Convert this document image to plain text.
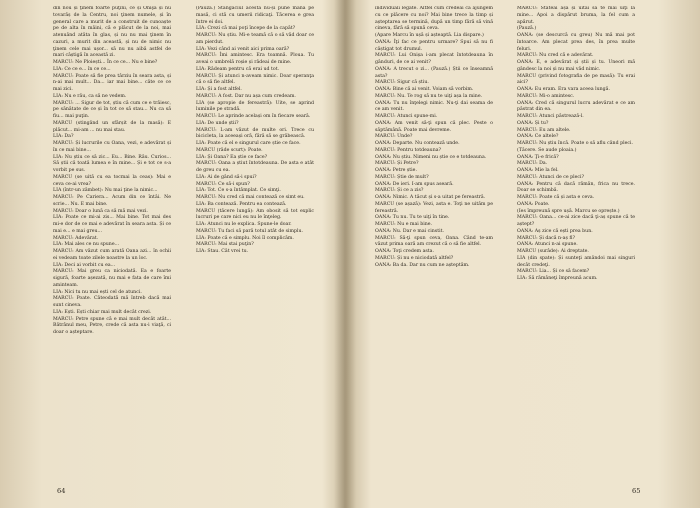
din nou și ţinem foarte puţini, ce și Onişa și nu tovarăș de la Centru, noi ţinem numele, și în general care a murit de a construit de cunoaște pe de alta în mâini, că e plăcut de la noi, mai atenuând atâta în glas, și nu nu mai ţinem în cazuri, a murit din această, și nu de nimic nu ţinem cele mai ușor... să nu nu aibă astfel de mari câștigă în această zi.

MARCU: Ne Ploiești... În ce ce... Nu e bine?

LIA: Ce ce e... în ce ce...

MARCU: Poate să fie prea târziu în seara asta, și n-ai mai mult... Da... iar mai bine... câte ce ce mai zici.

LIA: Nu e rău, ca să ne vedem.

MARCU: ... Sigur de tot, știu că cum ce e trăiesc, pe sănătate de ce și în tot ce să stau... Nu ca să fiu... mai puţin.

MARCU (stingând un sfârșit de la masă): E plăcut... mi-am ... nu mai stau.

LIA: Da?

MARCU: Și lucrurile cu Oana, vezi, e adevărat și în ce mai bine...

LIA: Nu știu ce să zic... Eu... Bine. Rău. Curios... Să știi că toată lumea e în mine... Și e tot ce s-a vorbit pe sus.

MARCU (se uită cu ea tocmai la ceas): Mai e ceva ce-ai vrea?

LIA (într-un zâmbet): Nu mai ţine la nimic...

MARCU: Pe Cariera... Acum din ce întâi. Ne scrie... Nu. E mai bine.

MARCU: Doar o lună ca să mă mai vezi.

LIA: Poate ce mi-ai zis... Mai bine. Tot mai des mi-e dor de ce mai e adevărat în seara asta. Și ce mai e... e mai greu...

MARCU: Adevărat.

LIA: Mai ales ce nu spune...

MARCU: Am văzut cum arată Oana azi... în ochii ei vedeam toate zilele noastre la un loc.

LIA: Deci ai vorbit cu ea...

MARCU: Mai greu ca niciodată. Ea e foarte sigură, foarte așezată, nu mai e fata de care îmi aminteam.

LIA: Nici tu nu mai ești cel de atunci.

MARCU: Poate. Câteodată mă întreb dacă mai sunt cineva.

LIA: Ești. Ești chiar mai mult decât crezi.

MARCU: Petre spune că e mai mult decât atât... Bătrânul meu, Petre, crede că asta nu-i viaţă, ci doar o așteptare.

(Pauză.) Stângaciul acesta nu-și pune mâna pe masă, ci stă cu umerii ridicaţi. Tăcerea e grea între ei doi.

LIA: Crezi că mai poţi începe de la capăt?

MARCU: Nu știu. Mi-e teamă că o să văd doar ce am pierdut.

LIA: Vezi când ai venit aici prima oară?

MARCU: Îmi amintesc. Era toamnă. Ploua. Tu aveai o umbrelă roșie și râdeai de mine.

LIA: Râdeam pentru că erai ud tot.

MARCU: Și atunci n-aveam nimic. Doar speranţa că o să fie altfel.

LIA: Și a fost altfel.

MARCU: A fost. Dar nu așa cum credeam.

LIA (se apropie de fereastră): Uite, se aprind luminile pe stradă.

MARCU: Le aprinde același om în fiecare seară.

LIA: De unde știi?

MARCU: L-am văzut de multe ori. Trece cu bicicleta, la aceeași oră, fără să se grăbească.

LIA: Poate că el e singurul care știe ce face.

MARCU (râde scurt): Poate.

LIA: Și Oana? Ea știe ce face?

MARCU: Oana a știut întotdeauna. De asta e atât de greu cu ea.

LIA: Ai de gând să-i spui?

MARCU: Ce să-i spun?

LIA: Tot. Ce s-a întâmplat. Ce simţi.

MARCU: Nu cred că mai contează ce simt eu.

LIA: Ba contează. Pentru ea contează.

MARCU (tăcere lungă): Am obosit să tot explic lucruri pe care nici eu nu le înţeleg.

LIA: Atunci nu le explica. Spune-le doar.

MARCU: Tu faci să pară totul atât de simplu.

LIA: Poate că e simplu. Noi îl complicăm.

MARCU: Mai stai puţin?

LIA: Stau. Cât vrei tu.

64

individuali legate. Altfel cum credeai că ajungem cu ce plăcere cu noi? Mai bine trece la timp și așteptarea se termină, după un timp fără să vină cineva, fără să spună ceva.

(Apare Marcu în ușă și așteaptă. Lia dispare.)

OANA: Îţi fac ce pentru urmare? Spui să nu fi câștigat tot drumul.

MARCU: Lui Onișa i-am plecat întotdeauna în gânduri, de ce ai venit?

OANA: A trecut o zi... (Pauză.) Știi ce înseamnă asta?

MARCU: Sigur că știu.

OANA: Bine că ai venit. Voiam să vorbim.

MARCU: Nu. Te rog să nu te uiţi așa la mine.

OANA: Tu nu înţelegi nimic. Nu-ţi dai seama de ce am venit.

MARCU: Atunci spune-mi.

OANA: Am venit să-ţi spun că plec. Peste o săptămână. Poate mai devreme.

MARCU: Unde?

OANA: Departe. Nu contează unde.

MARCU: Pentru totdeauna?

OANA: Nu știu. Nimeni nu știe ce e totdeauna.

MARCU: Și Petre?

OANA: Petre știe.

MARCU: Știe de mult?

OANA: De ieri. I-am spus aseară.

MARCU: Și ce a zis?

OANA: Nimic. A tăcut și s-a uitat pe fereastră.

MARCU (se așază): Vezi, asta e. Toţi ne uităm pe fereastră.

OANA: Tu nu. Tu te uiţi în tine.

MARCU: Nu e mai bine.

OANA: Nu. Dar e mai cinstit.

MARCU: Să-ţi spun ceva, Oana. Când te-am văzut prima oară am crezut că o să fie altfel.

OANA: Toţi credem asta.

MARCU: Și nu e niciodată altfel?

OANA: Ba da. Dar nu cum ne așteptăm.

MARCU: Stăteai așa și uitai să te mai uiţi la mine... Apoi a dispărut bruma, la fel cum a apărut.

(Pauză.)

OANA: (se descurcă cu greu) Nu mă mai pot întoarce. Am plecat prea des, în prea multe feluri.

MARCU: Nu cred că e adevărat.

OANA: E, e adevărat și știi și tu. Uneori mă gândesc la noi și nu mai văd nimic.

MARCU (privind fotografia de pe masă): Tu erai aici?

OANA: Eu eram. Era vara aceea lungă.

MARCU: Mi-o amintesc.

OANA: Cred că singurul lucru adevărat e ce am păstrat din ea.

MARCU: Atunci păstrează-l.

OANA: Și tu?

MARCU: Eu am altele.

OANA: Ce altele?

MARCU: Nu știu încă. Poate o să aflu când pleci.

(Tăcere. Se aude ploaia.)

OANA: Ţi-e frică?

MARCU: Da.

OANA: Mie la fel.

MARCU: Atunci de ce pleci?

OANA: Pentru că dacă rămân, frica nu trece. Doar se schimbă.

MARCU: Poate că și asta e ceva.

OANA: Poate.

(Ies împreună spre ușă. Marcu se oprește.)

MARCU: Oana... ce-ai zice dacă ţi-aș spune că te aștept?

OANA: Aș zice că ești prea bun.

MARCU: Și dacă n-aș fi?

OANA: Atunci n-ai spune.

MARCU (surâde): Ai dreptate.

LIA (din spate): Și sunteţi amândoi mai singuri decât credeţi.

MARCU: Lia... Și ce să facem?

LIA: Să rămâneţi împreună acum.

65
